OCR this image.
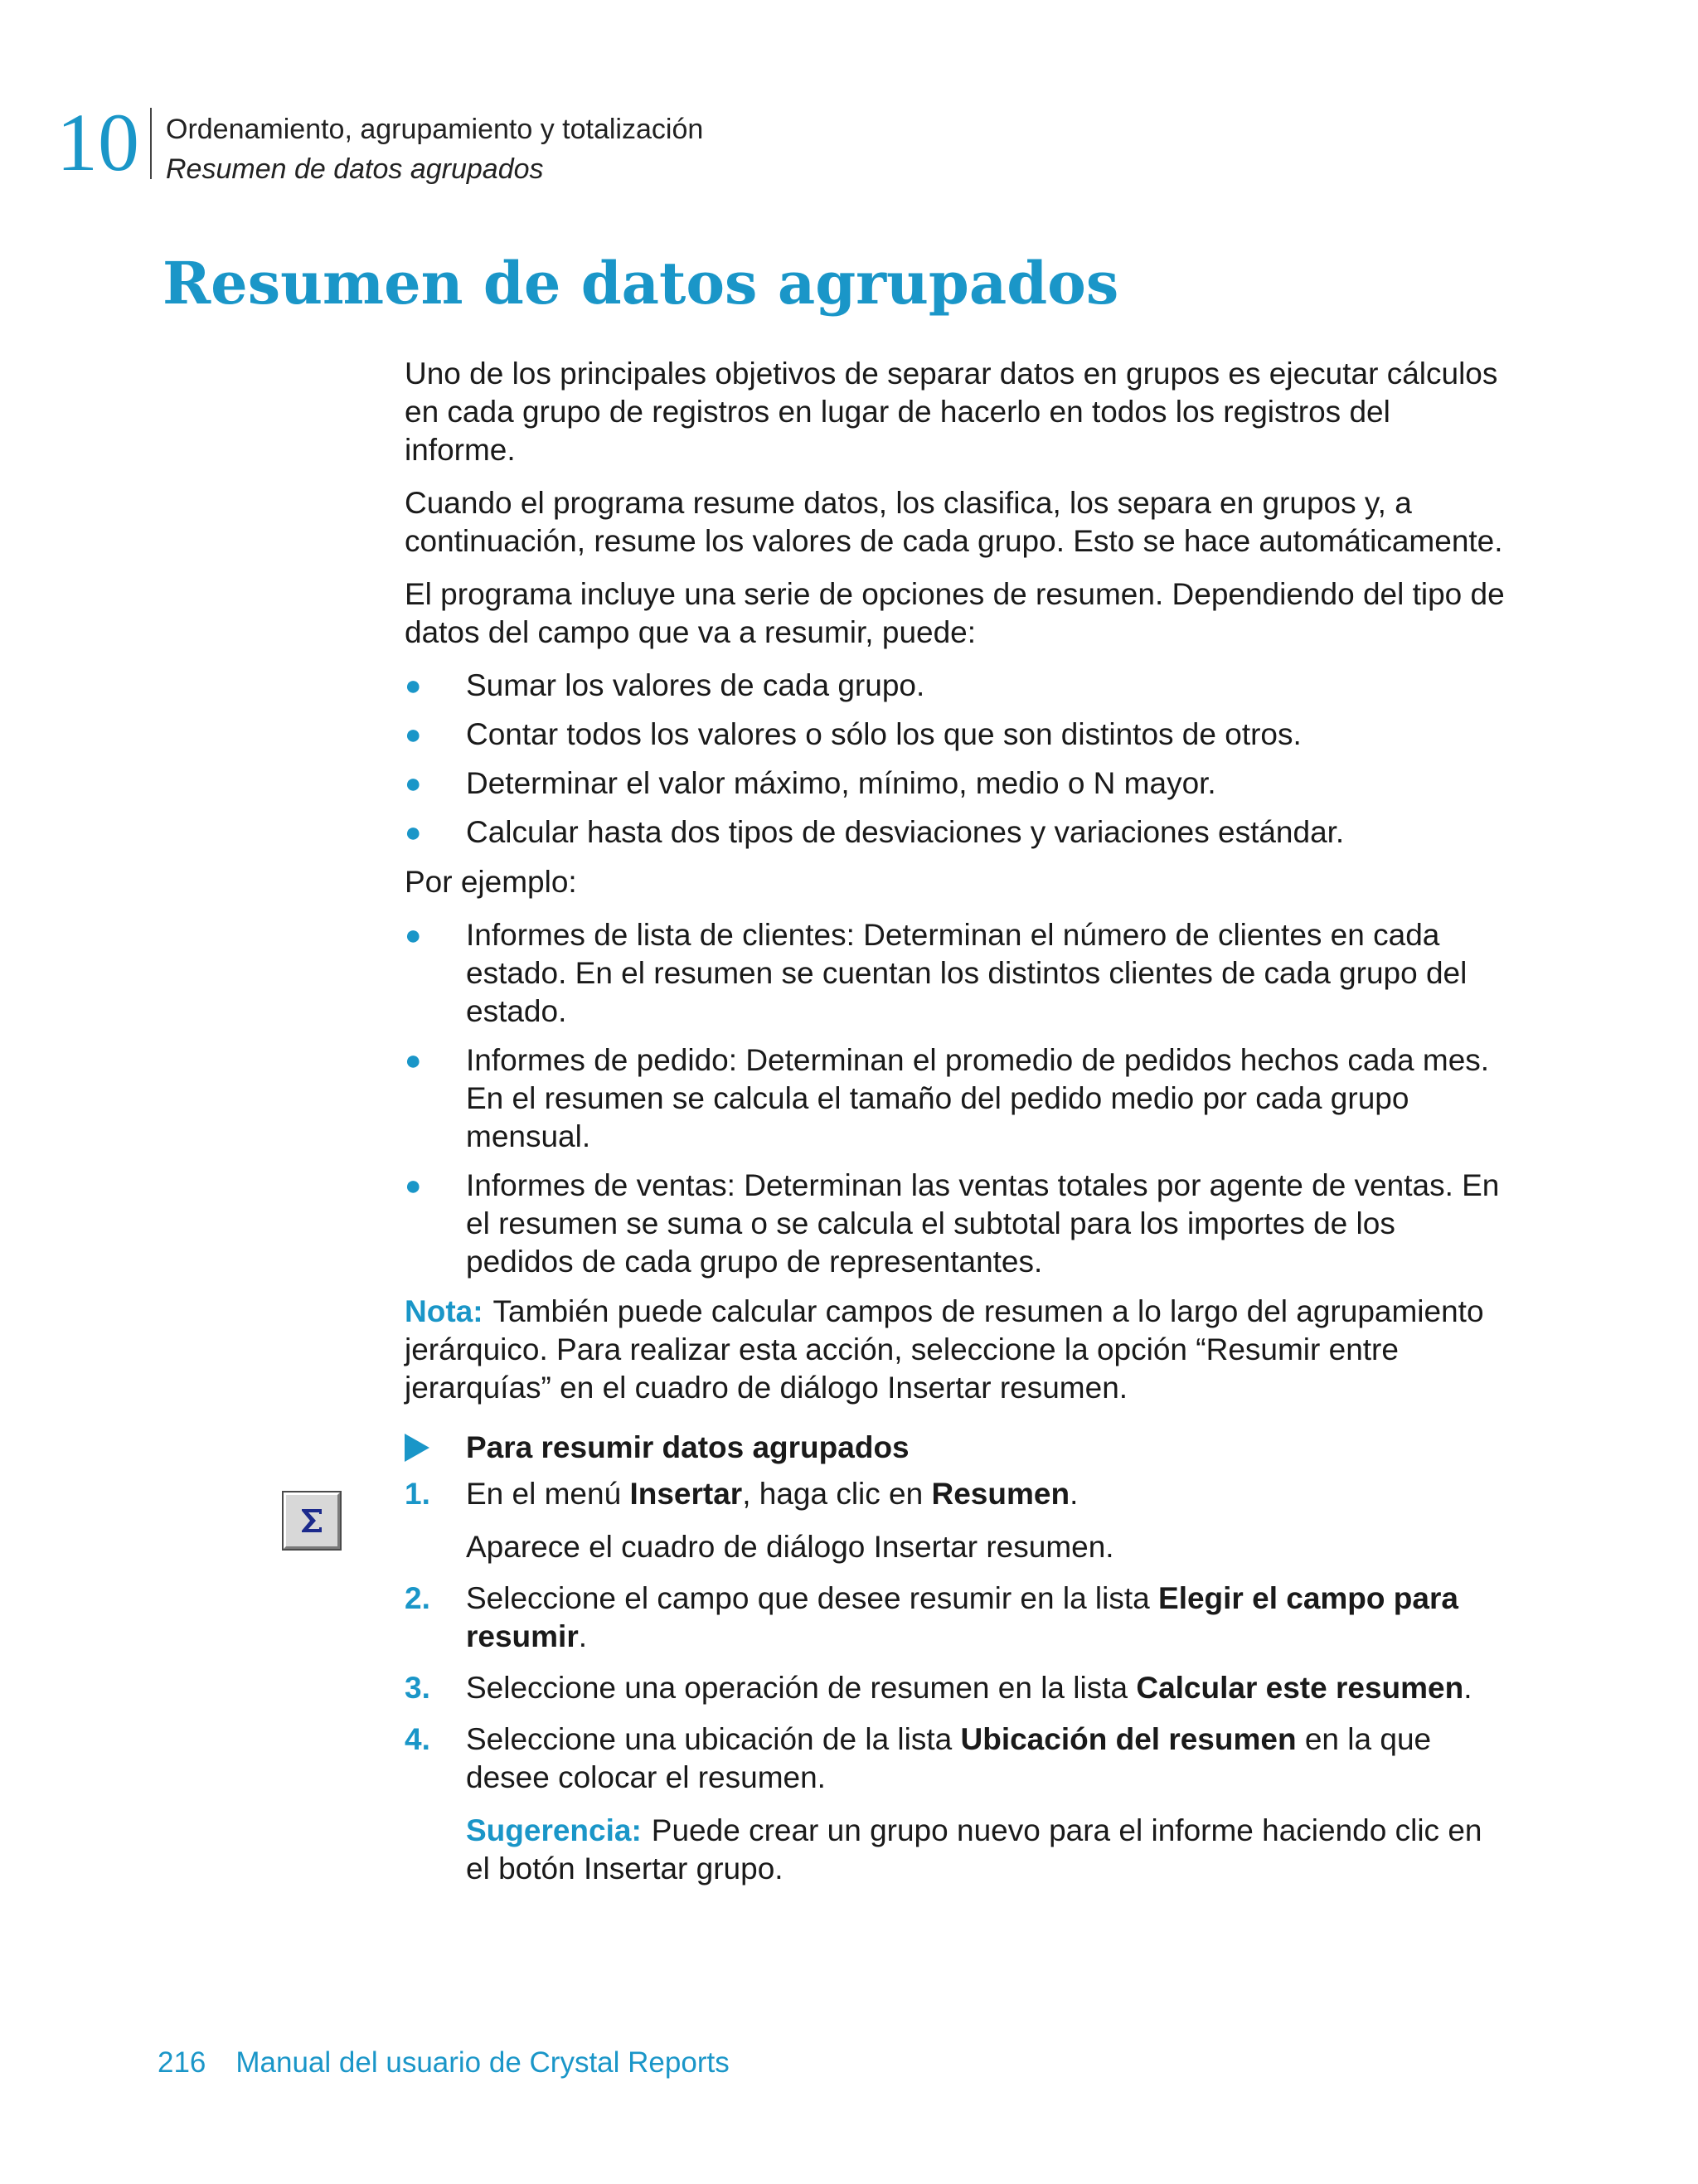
10 Ordenamiento, agrupamiento y totalización
Resumen de datos agrupados
Resumen de datos agrupados

Uno de los principales objetivos de separar datos en grupos es ejecutar cálculos en cada grupo de registros en lugar de hacerlo en todos los registros del informe.

Cuando el programa resume datos, los clasifica, los separa en grupos y, a continuación, resume los valores de cada grupo. Esto se hace automáticamente.

El programa incluye una serie de opciones de resumen. Dependiendo del tipo de datos del campo que va a resumir, puede:

● Sumar los valores de cada grupo.
● Contar todos los valores o sólo los que son distintos de otros.
● Determinar el valor máximo, mínimo, medio o N mayor.
● Calcular hasta dos tipos de desviaciones y variaciones estándar.

Por ejemplo:

● Informes de lista de clientes: Determinan el número de clientes en cada estado. En el resumen se cuentan los distintos clientes de cada grupo del estado.
● Informes de pedido: Determinan el promedio de pedidos hechos cada mes. En el resumen se calcula el tamaño del pedido medio por cada grupo mensual.
● Informes de ventas: Determinan las ventas totales por agente de ventas. En el resumen se suma o se calcula el subtotal para los importes de los pedidos de cada grupo de representantes.

Nota: También puede calcular campos de resumen a lo largo del agrupamiento jerárquico. Para realizar esta acción, seleccione la opción “Resumir entre jerarquías” en el cuadro de diálogo Insertar resumen.

Para resumir datos agrupados
1. En el menú Insertar, haga clic en Resumen.
Aparece el cuadro de diálogo Insertar resumen.
2. Seleccione el campo que desee resumir en la lista Elegir el campo para resumir.
3. Seleccione una operación de resumen en la lista Calcular este resumen.
4. Seleccione una ubicación de la lista Ubicación del resumen en la que desee colocar el resumen.
Sugerencia: Puede crear un grupo nuevo para el informe haciendo clic en el botón Insertar grupo.
216 Manual del usuario de Crystal Reports
